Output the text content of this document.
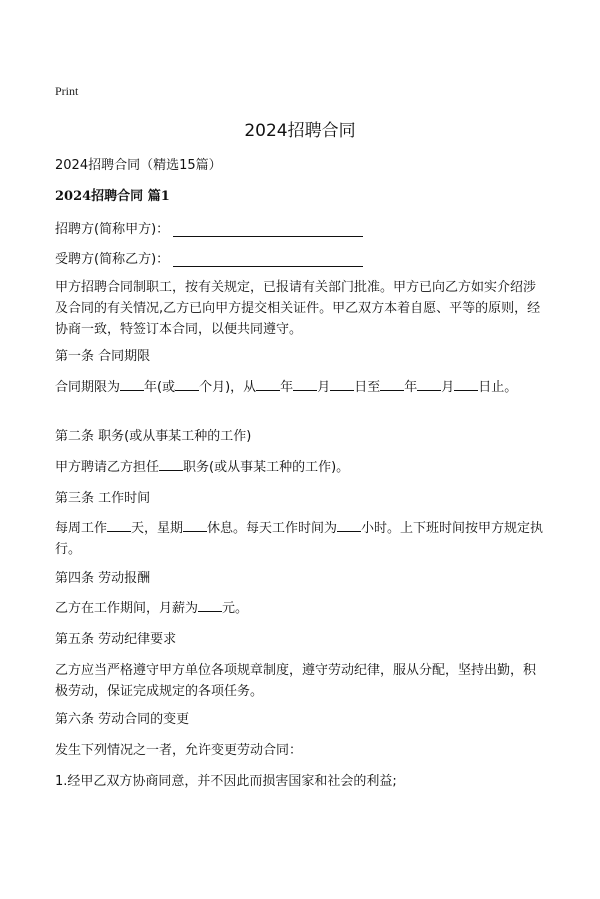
Print
2024招聘合同
2024招聘合同（精选15篇）
2024招聘合同 篇1
招聘方(简称甲方)：
受聘方(简称乙方)：
甲方招聘合同制职工，按有关规定，已报请有关部门批准。甲方已向乙方如实介绍涉及合同的有关情况,乙方已向甲方提交相关证件。甲乙双方本着自愿、平等的原则，经协商一致，特签订本合同，以便共同遵守。
第一条 合同期限
合同期限为 年(或 个月)，从 年 月 日至 年 月 日止。
第二条 职务(或从事某工种的工作)
甲方聘请乙方担任 职务(或从事某工种的工作)。
第三条 工作时间
每周工作 天，星期 休息。每天工作时间为 小时。上下班时间按甲方规定执行。
第四条 劳动报酬
乙方在工作期间，月薪为 元。
第五条 劳动纪律要求
乙方应当严格遵守甲方单位各项规章制度，遵守劳动纪律，服从分配，坚持出勤，积极劳动，保证完成规定的各项任务。
第六条 劳动合同的变更
发生下列情况之一者，允许变更劳动合同：
1.经甲乙双方协商同意，并不因此而损害国家和社会的利益;
